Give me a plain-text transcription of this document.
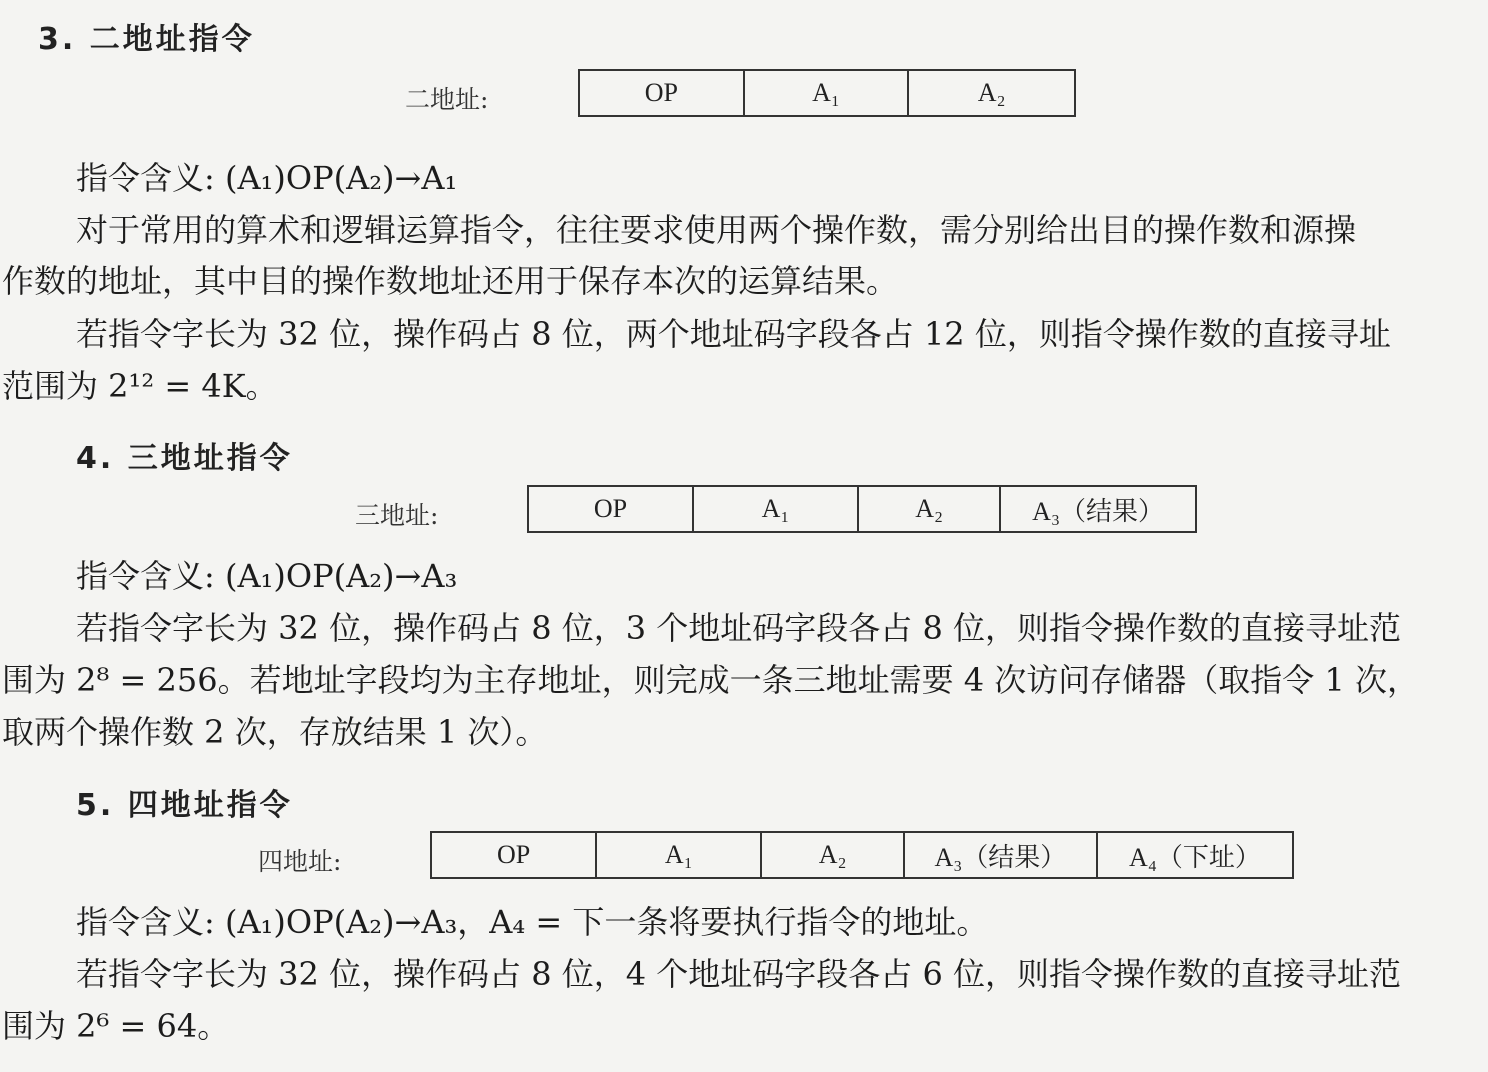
3. 二地址指令
二地址:	OP	A₁	A₂
指令含义: (A₁)OP(A₂)→A₁
对于常用的算术和逻辑运算指令，往往要求使用两个操作数，需分别给出目的操作数和源操
作数的地址，其中目的操作数地址还用于保存本次的运算结果。
若指令字长为 32 位，操作码占 8 位，两个地址码字段各占 12 位，则指令操作数的直接寻址
范围为 2¹² = 4K。
4. 三地址指令
三地址:	OP	A₁	A₂	A₃（结果）
指令含义: (A₁)OP(A₂)→A₃
若指令字长为 32 位，操作码占 8 位，3 个地址码字段各占 8 位，则指令操作数的直接寻址范
围为 2⁸ = 256。若地址字段均为主存地址，则完成一条三地址需要 4 次访问存储器（取指令 1 次，
取两个操作数 2 次，存放结果 1 次）。
5. 四地址指令
四地址:	OP	A₁	A₂	A₃（结果）	A₄（下址）
指令含义: (A₁)OP(A₂)→A₃，A₄ = 下一条将要执行指令的地址。
若指令字长为 32 位，操作码占 8 位，4 个地址码字段各占 6 位，则指令操作数的直接寻址范
围为 2⁶ = 64。
